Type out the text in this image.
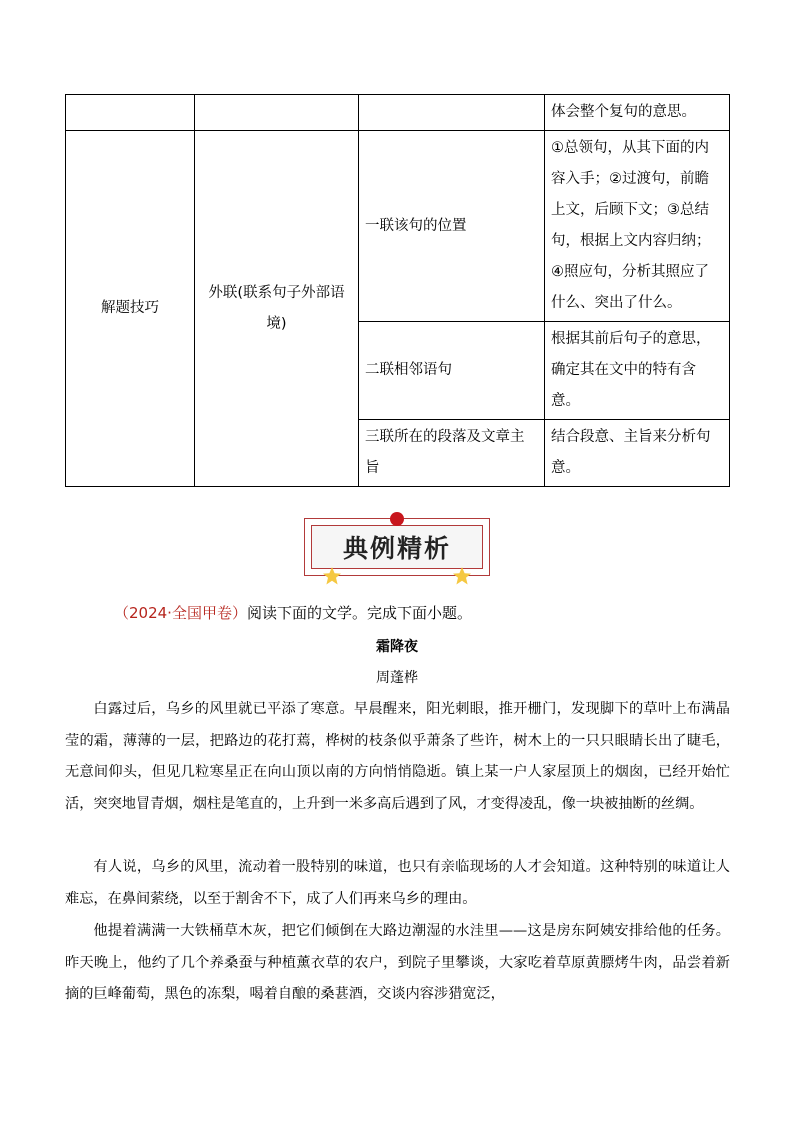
			体会整个复句的意思。
解题技巧	外联(联系句子外部语境)	一联该句的位置	①总领句，从其下面的内容入手；②过渡句，前瞻上文，后顾下文；③总结句，根据上文内容归纳；④照应句，分析其照应了什么、突出了什么。
		二联相邻语句	根据其前后句子的意思，确定其在文中的特有含意。
		三联所在的段落及文章主旨	结合段意、主旨来分析句意。
典例精析
（2024·全国甲卷）阅读下面的文学。完成下面小题。
霜降夜
周蓬桦
白露过后，乌乡的风里就已平添了寒意。早晨醒来，阳光刺眼，推开栅门，发现脚下的草叶上布满晶莹的霜，薄薄的一层，把路边的花打蔫，桦树的枝条似乎萧条了些许，树木上的一只只眼睛长出了睫毛，无意间仰头，但见几粒寒星正在向山顶以南的方向悄悄隐逝。镇上某一户人家屋顶上的烟囱，已经开始忙活，突突地冒青烟，烟柱是笔直的，上升到一米多高后遇到了风，才变得凌乱，像一块被抽断的丝绸。
有人说，乌乡的风里，流动着一股特别的味道，也只有亲临现场的人才会知道。这种特别的味道让人难忘，在鼻间萦绕，以至于割舍不下，成了人们再来乌乡的理由。
他提着满满一大铁桶草木灰，把它们倾倒在大路边潮湿的水洼里——这是房东阿姨安排给他的任务。昨天晚上，他约了几个养桑蚕与种植薰衣草的农户，到院子里攀谈，大家吃着草原黄膘烤牛肉，品尝着新摘的巨峰葡萄，黑色的冻梨，喝着自酿的桑葚酒，交谈内容涉猎宽泛，
